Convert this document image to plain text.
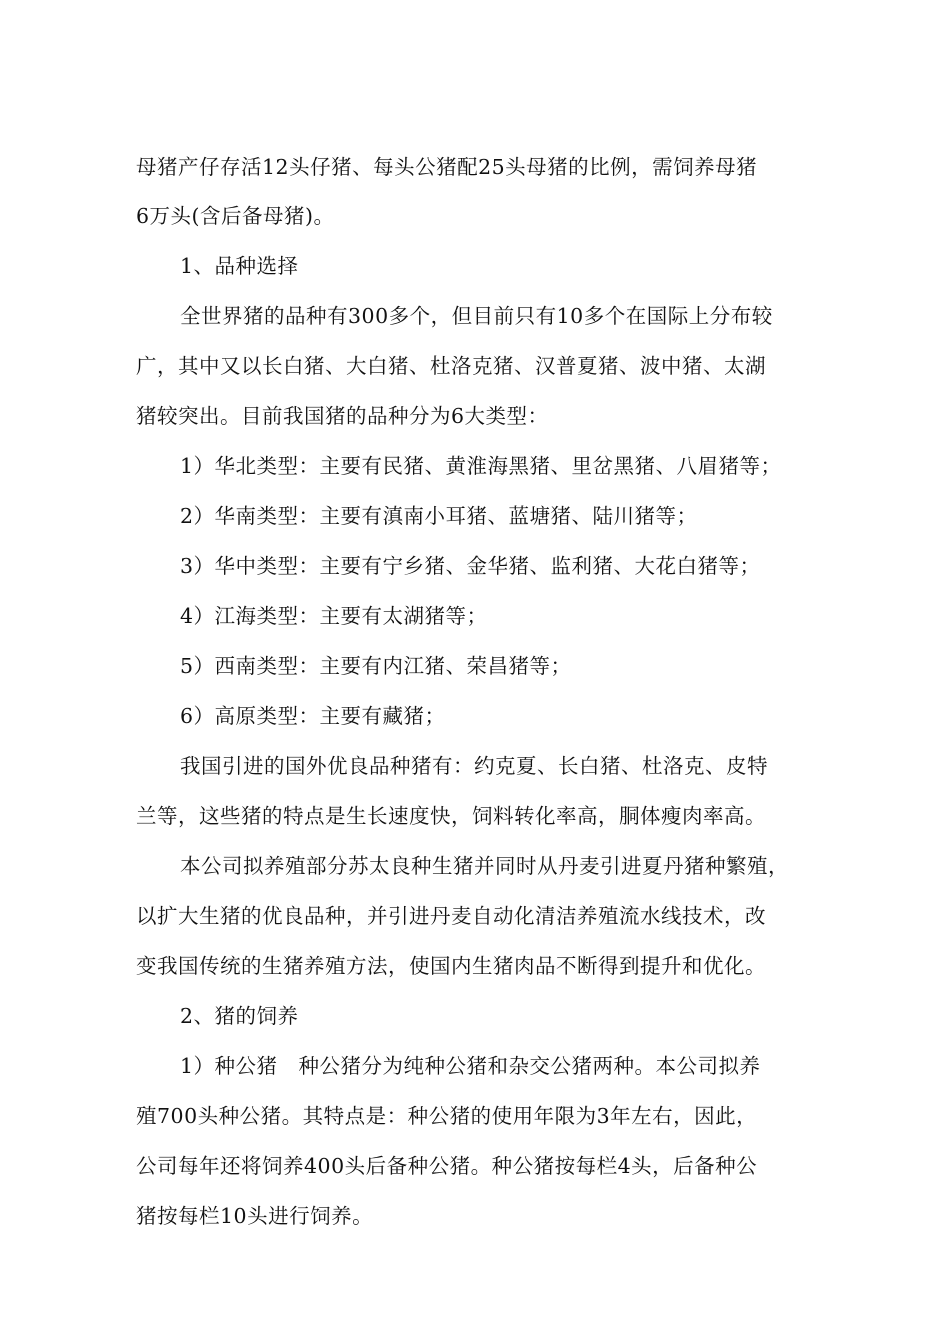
母猪产仔存活12头仔猪、每头公猪配25头母猪的比例，需饲养母猪
6万头(含后备母猪)。
1、品种选择
全世界猪的品种有300多个，但目前只有10多个在国际上分布较
广，其中又以长白猪、大白猪、杜洛克猪、汉普夏猪、波中猪、太湖
猪较突出。目前我国猪的品种分为6大类型：
1）华北类型：主要有民猪、黄淮海黑猪、里岔黑猪、八眉猪等；
2）华南类型：主要有滇南小耳猪、蓝塘猪、陆川猪等；
3）华中类型：主要有宁乡猪、金华猪、监利猪、大花白猪等；
4）江海类型：主要有太湖猪等；
5）西南类型：主要有内江猪、荣昌猪等；
6）高原类型：主要有藏猪；
我国引进的国外优良品种猪有：约克夏、长白猪、杜洛克、皮特
兰等，这些猪的特点是生长速度快，饲料转化率高，胴体瘦肉率高。
本公司拟养殖部分苏太良种生猪并同时从丹麦引进夏丹猪种繁殖，
以扩大生猪的优良品种，并引进丹麦自动化清洁养殖流水线技术，改
变我国传统的生猪养殖方法，使国内生猪肉品不断得到提升和优化。
2、猪的饲养
1）种公猪　种公猪分为纯种公猪和杂交公猪两种。本公司拟养
殖700头种公猪。其特点是：种公猪的使用年限为3年左右，因此，
公司每年还将饲养400头后备种公猪。种公猪按每栏4头，后备种公
猪按每栏10头进行饲养。
